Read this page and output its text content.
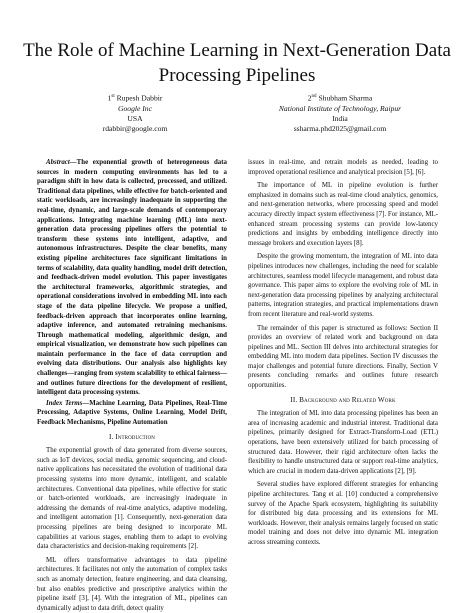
The Role of Machine Learning in Next-Generation Data Processing Pipelines
1st Rupesh Dabbir
Google Inc
USA
rdabbir@google.com
2nd Shubham Sharma
National Institute of Technology, Raipur
India
ssharma.phd2025@gmail.com

Abstract—The exponential growth of heterogeneous data sources in modern computing environments has led to a paradigm shift in how data is collected, processed, and utilized. Traditional data pipelines, while effective for batch-oriented and static workloads, are increasingly inadequate in supporting the real-time, dynamic, and large-scale demands of contemporary applications. Integrating machine learning (ML) into next-generation data processing pipelines offers the potential to transform these systems into intelligent, adaptive, and autonomous infrastructures. Despite the clear benefits, many existing pipeline architectures face significant limitations in terms of scalability, data quality handling, model drift detection, and feedback-driven model evolution. This paper investigates the architectural frameworks, algorithmic strategies, and operational considerations involved in embedding ML into each stage of the data pipeline lifecycle. We propose a unified, feedback-driven approach that incorporates online learning, adaptive inference, and automated retraining mechanisms. Through mathematical modeling, algorithmic design, and empirical visualization, we demonstrate how such pipelines can maintain performance in the face of data corruption and evolving data distributions. Our analysis also highlights key challenges—ranging from system scalability to ethical fairness—and outlines future directions for the development of resilient, intelligent data processing systems.

Index Terms—Machine Learning, Data Pipelines, Real-Time Processing, Adaptive Systems, Online Learning, Model Drift, Feedback Mechanisms, Pipeline Automation

I. Introduction

The exponential growth of data generated from diverse sources, such as IoT devices, social media, genomic sequencing, and cloud-native applications has necessitated the evolution of traditional data processing systems into more dynamic, intelligent, and scalable architectures. Conventional data pipelines, while effective for static or batch-oriented workloads, are increasingly inadequate in addressing the demands of real-time analytics, adaptive modeling, and intelligent automation [1]. Consequently, next-generation data processing pipelines are being designed to incorporate ML capabilities at various stages, enabling them to adapt to evolving data characteristics and decision-making requirements [2].

ML offers transformative advantages to data pipeline architectures. It facilitates not only the automation of complex tasks such as anomaly detection, feature engineering, and data cleansing, but also enables predictive and prescriptive analytics within the pipeline itself [3], [4]. With the integration of ML, pipelines can dynamically adjust to data drift, detect quality

issues in real-time, and retrain models as needed, leading to improved operational resilience and analytical precision [5], [6].

The importance of ML in pipeline evolution is further emphasized in domains such as real-time cloud analytics, genomics, and next-generation networks, where processing speed and model accuracy directly impact system effectiveness [7]. For instance, ML-enhanced stream processing systems can provide low-latency predictions and insights by embedding intelligence directly into message brokers and execution layers [8].

Despite the growing momentum, the integration of ML into data pipelines introduces new challenges, including the need for scalable architectures, seamless model lifecycle management, and robust data governance. This paper aims to explore the evolving role of ML in next-generation data processing pipelines by analyzing architectural patterns, integration strategies, and practical implementations drawn from recent literature and real-world systems.

The remainder of this paper is structured as follows: Section II provides an overview of related work and background on data pipelines and ML. Section III delves into architectural strategies for embedding ML into modern data pipelines. Section IV discusses the major challenges and potential future directions. Finally, Section V presents concluding remarks and outlines future research opportunities.

II. Background and Related Work

The integration of ML into data processing pipelines has been an area of increasing academic and industrial interest. Traditional data pipelines, primarily designed for Extract-Transform-Load (ETL) operations, have been extensively utilized for batch processing of structured data. However, their rigid architecture often lacks the flexibility to handle unstructured data or support real-time analytics, which are crucial in modern data-driven applications [2], [9].

Several studies have explored different strategies for enhancing pipeline architectures. Tang et al. [10] conducted a comprehensive survey of the Apache Spark ecosystem, highlighting its suitability for distributed big data processing and its extensions for ML workloads. However, their analysis remains largely focused on static model training and does not delve into dynamic ML integration across streaming contexts.
